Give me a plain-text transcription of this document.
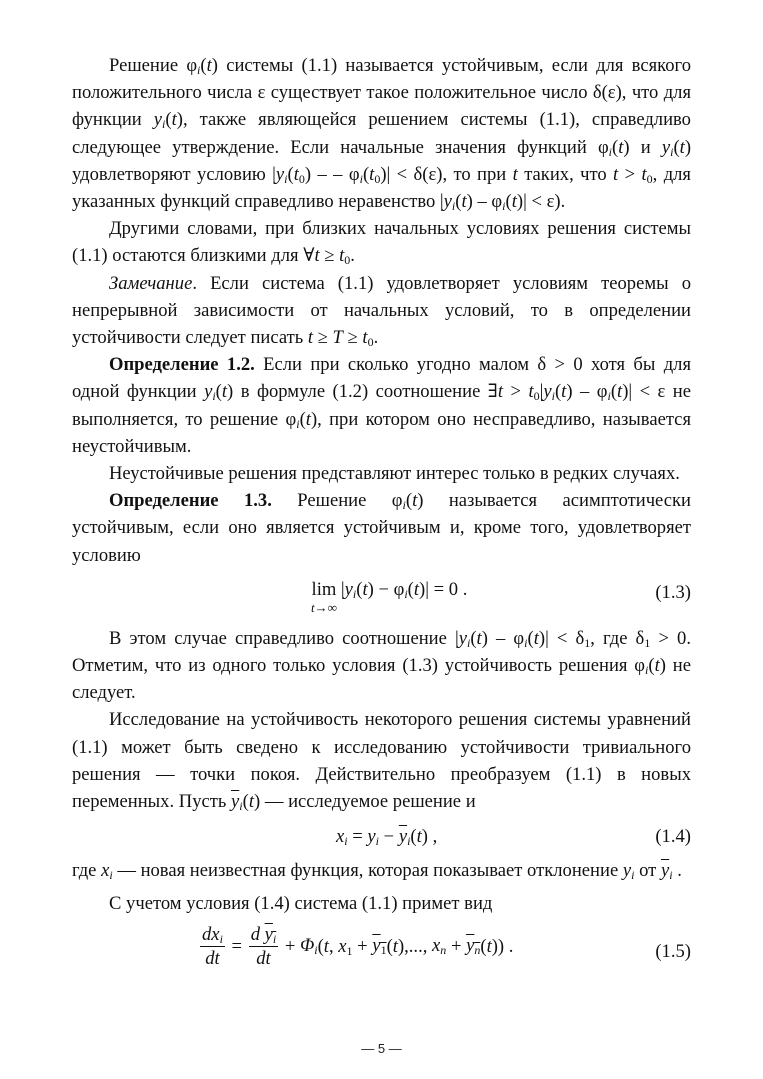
Решение $\varphi_i(t)$ системы (1.1) называется устойчивым, если для всякого положительного числа ε существует такое положительное число δ(ε), что для функции $y_i(t)$, также являющейся решением системы (1.1), справедливо следующее утверждение. Если начальные значения функций $\varphi_i(t)$ и $y_i(t)$ удовлетворяют условию $|y_i(t_0)$ – – $\varphi_i(t_0)| < \delta(\varepsilon)$, то при t таких, что $t > t_0$, для указанных функций справедливо неравенство $|y_i(t) - \varphi_i(t)| < \varepsilon$).

Другими словами, при близких начальных условиях решения системы (1.1) остаются близкими для ∀t ≥ $t_0$.

Замечание. Если система (1.1) удовлетворяет условиям теоремы о непрерывной зависимости от начальных условий, то в определении устойчивости следует писать $t \ge T \ge t_0$.

Определение 1.2. Если при сколько угодно малом δ > 0 хотя бы для одной функции $y_i(t)$ в формуле (1.2) соотношение ∃t > $t_0|y_i(t) - \varphi_i(t)| < \varepsilon$ не выполняется, то решение $\varphi_i(t)$, при котором оно несправедливо, называется неустойчивым.

Неустойчивые решения представляют интерес только в редких случаях.

Определение 1.3. Решение $\varphi_i(t)$ называется асимптотически устойчивым, если оно является устойчивым и, кроме того, удовлетворяет условию

lim
t→∞
$|y_i(t) - \varphi_i(t)| = 0$ .	(1.3)

В этом случае справедливо соотношение $|y_i(t) - \varphi_i(t)| < \delta_1$, где $\delta_1 > 0$. Отметим, что из одного только условия (1.3) устойчивость решения $\varphi_i(t)$ не следует.

Исследование на устойчивость некоторого решения системы уравнений (1.1) может быть сведено к исследованию устойчивости тривиального решения — точки покоя. Действительно преобразуем (1.1) в новых переменных. Пусть $\overline{y}_i(t)$ — исследуемое решение и

$x_i = y_i - \overline{y}_i(t)$ ,	(1.4)

где $x_i$ — новая неизвестная функция, которая показывает отклонение $y_i$ от $\overline{y}_i$ .

С учетом условия (1.4) система (1.1) примет вид

$\frac{dx_i}{dt} = \frac{d y_i}{dt} + \Phi_i(t$, $x_1 + y_1(t)$,..., $x_n + y_n(t)$) .	(1.5)
— 5 —
